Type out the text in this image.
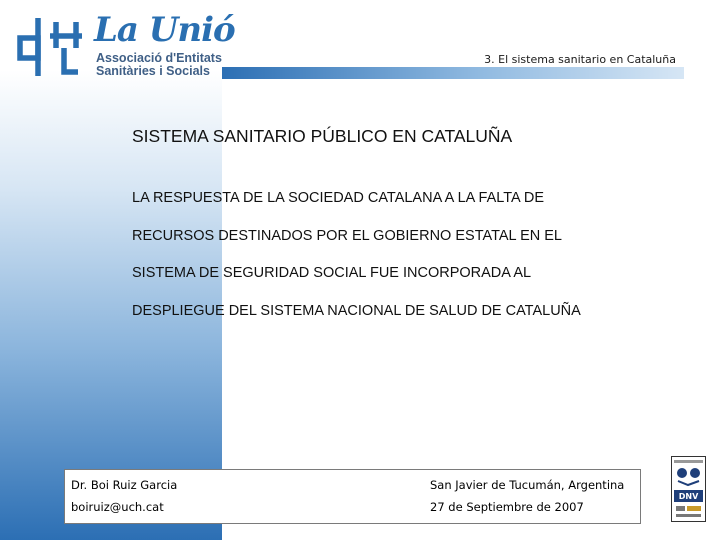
La Unió
Associació d'Entitats
Sanitàries i Socials
3. El sistema sanitario en Cataluña
SISTEMA SANITARIO PÚBLICO EN CATALUÑA
LA RESPUESTA DE LA SOCIEDAD CATALANA A LA FALTA DE
RECURSOS DESTINADOS POR EL GOBIERNO ESTATAL EN EL
SISTEMA DE SEGURIDAD SOCIAL FUE INCORPORADA AL
DESPLIEGUE DEL SISTEMA NACIONAL DE SALUD DE CATALUÑA
Dr. Boi Ruiz Garcia
boiruiz@uch.cat
San Javier de Tucumán, Argentina
27 de Septiembre de 2007
DNV
